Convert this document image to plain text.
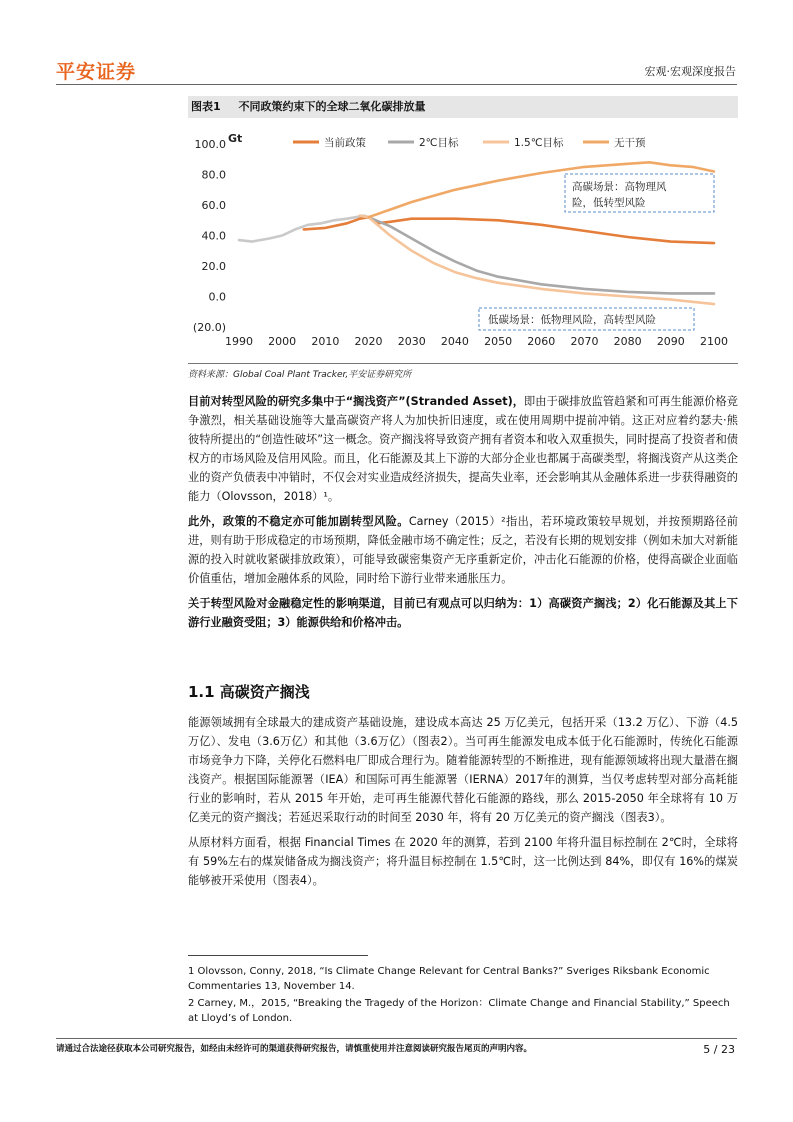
平安证券	宏观·宏观深度报告
图表1 不同政策约束下的全球二氧化碳排放量
100.0
80.0
60.0
40.0
20.0
0.0
(20.0)
1990 2000 2010 2020 2030 2040 2050 2060 2070 2080 2090 2100
Gt	当前政策	2℃目标	1.5℃目标	无干预
高碳场景：高物理风
险，低转型风险
低碳场景：低物理风险，高转型风险
资料来源：Global Coal Plant Tracker,平安证券研究所

目前对转型风险的研究多集中于“搁浅资产”(Stranded Asset)，即由于碳排放监管趋紧和可再生能源价格竞争激烈，相关基础设施等大量高碳资产将人为加快折旧速度，或在使用周期中提前冲销。这正对应着约瑟夫·熊彼特所提出的“创造性破坏”这一概念。资产搁浅将导致资产拥有者资本和收入双重损失，同时提高了投资者和债权方的市场风险及信用风险。而且，化石能源及其上下游的大部分企业也都属于高碳类型，将搁浅资产从这类企业的资产负债表中冲销时，不仅会对实业造成经济损失，提高失业率，还会影响其从金融体系进一步获得融资的能力（Olovsson，2018）¹。

此外，政策的不稳定亦可能加剧转型风险。Carney（2015）²指出，若环境政策较早规划，并按预期路径前进，则有助于形成稳定的市场预期，降低金融市场不确定性；反之，若没有长期的规划安排（例如未加大对新能源的投入时就收紧碳排放政策），可能导致碳密集资产无序重新定价，冲击化石能源的价格，使得高碳企业面临价值重估，增加金融体系的风险，同时给下游行业带来通胀压力。

关于转型风险对金融稳定性的影响渠道，目前已有观点可以归纳为：1）高碳资产搁浅；2）化石能源及其上下游行业融资受阻；3）能源供给和价格冲击。

1.1 高碳资产搁浅

能源领域拥有全球最大的建成资产基础设施，建设成本高达 25 万亿美元，包括开采（13.2 万亿）、下游（4.5万亿）、发电（3.6万亿）和其他（3.6万亿）（图表2）。当可再生能源发电成本低于化石能源时，传统化石能源市场竞争力下降，关停化石燃料电厂即成合理行为。随着能源转型的不断推进，现有能源领域将出现大量潜在搁浅资产。根据国际能源署（IEA）和国际可再生能源署（IERNA）2017年的测算，当仅考虑转型对部分高耗能行业的影响时，若从 2015 年开始，走可再生能源代替化石能源的路线，那么 2015-2050 年全球将有 10 万亿美元的资产搁浅；若延迟采取行动的时间至 2030 年，将有 20 万亿美元的资产搁浅（图表3）。

从原材料方面看，根据 Financial Times 在 2020 年的测算，若到 2100 年将升温目标控制在 2℃时，全球将有 59%左右的煤炭储备成为搁浅资产；将升温目标控制在 1.5℃时，这一比例达到 84%，即仅有 16%的煤炭能够被开采使用（图表4）。

1 Olovsson, Conny, 2018, “Is Climate Change Relevant for Central Banks?” Sveriges Riksbank Economic Commentaries 13, November 14.
2 Carney, M.，2015, “Breaking the Tragedy of the Horizon：Climate Change and Financial Stability,” Speech at Lloyd’s of London.
请通过合法途径获取本公司研究报告，如经由未经许可的渠道获得研究报告，请慎重使用并注意阅读研究报告尾页的声明内容。	5 / 23
